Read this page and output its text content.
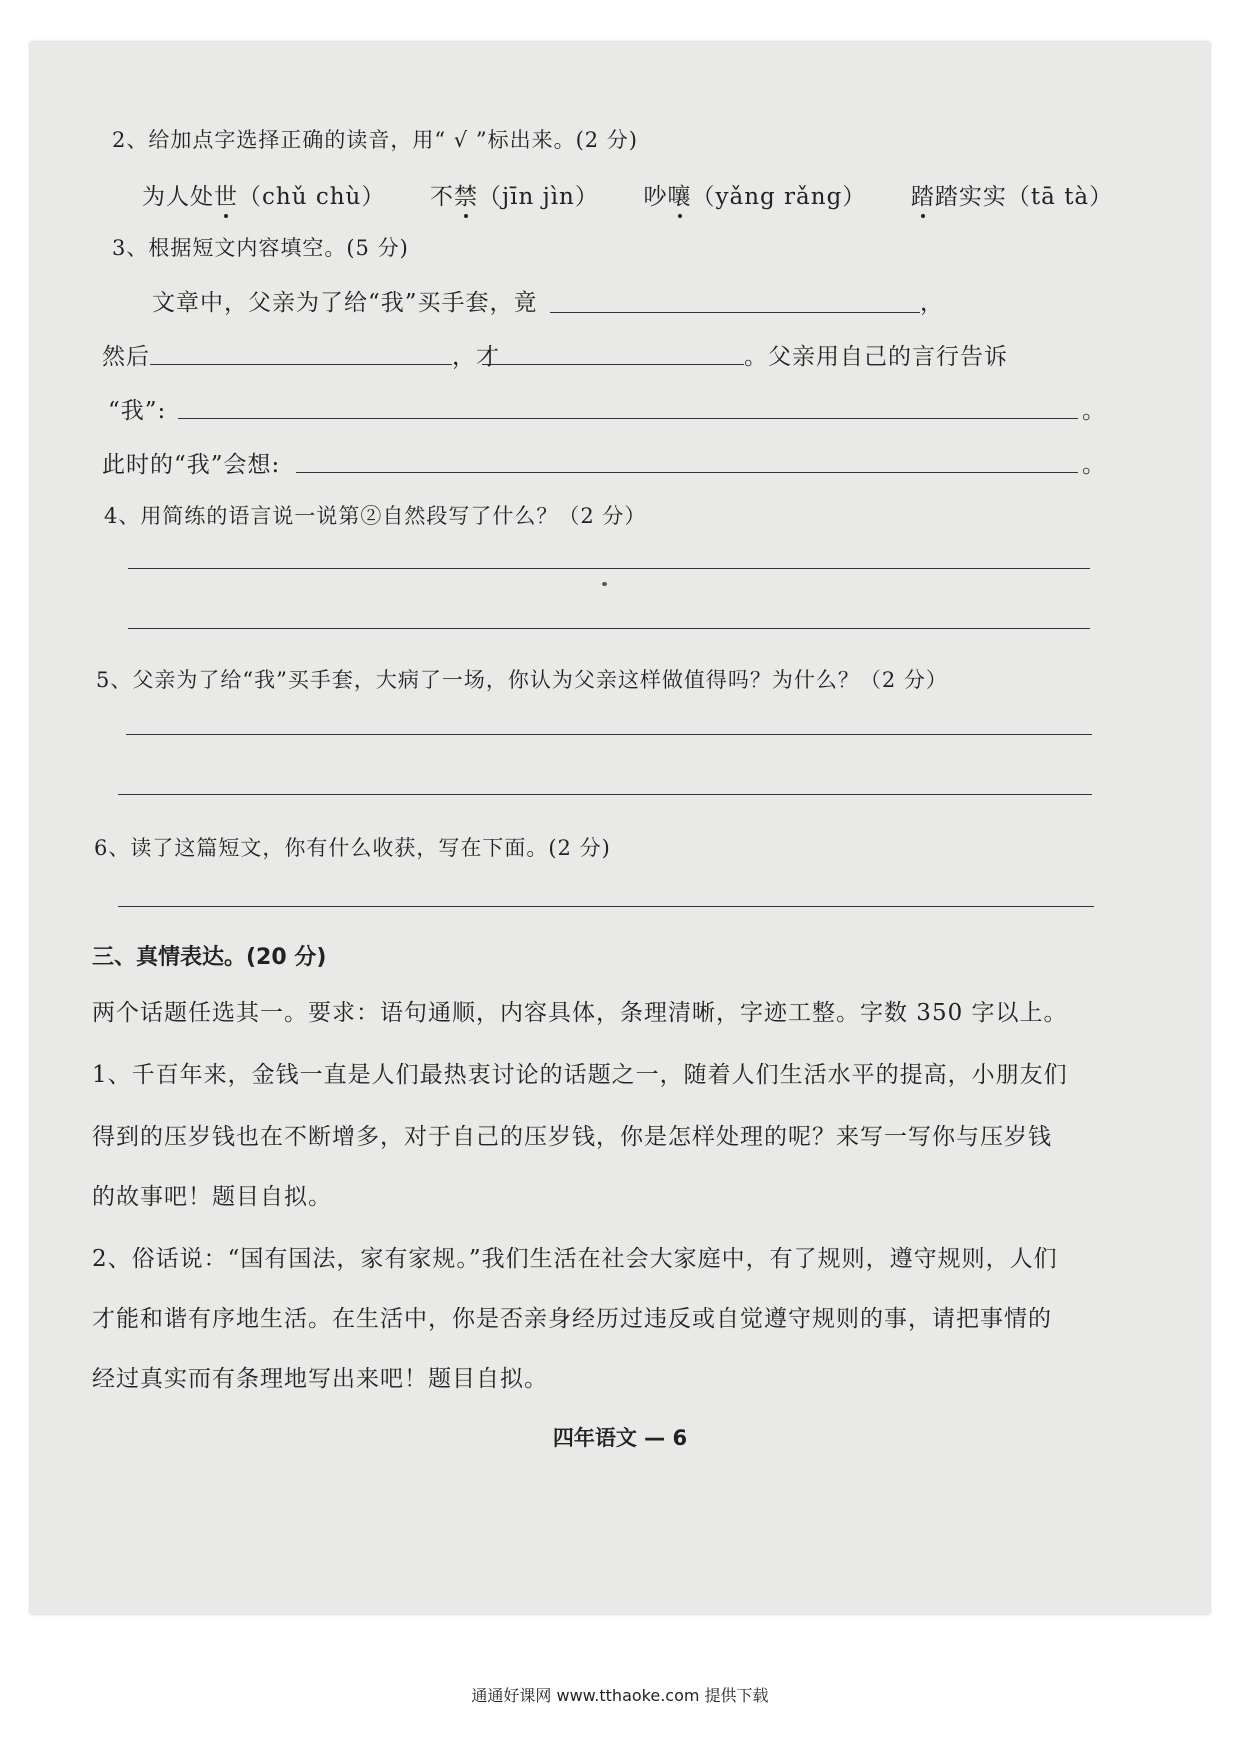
2、给加点字选择正确的读音，用“ √ ”标出来。(2 分)
为人处世（chǔ chù） 不禁（jīn jìn） 吵嚷（yǎng rǎng） 踏踏实实（tā tà）
3、根据短文内容填空。(5 分)
文章中，父亲为了给“我”买手套，竟	，
然后	，才	。父亲用自己的言行告诉
“我”:	。
此时的“我”会想:	。
4、用简练的语言说一说第②自然段写了什么？（2 分）
5、父亲为了给“我”买手套，大病了一场，你认为父亲这样做值得吗？为什么？（2 分）
6、读了这篇短文，你有什么收获，写在下面。(2 分)
三、真情表达。(20 分)
两个话题任选其一。要求：语句通顺，内容具体，条理清晰，字迹工整。字数 350 字以上。
1、千百年来，金钱一直是人们最热衷讨论的话题之一，随着人们生活水平的提高，小朋友们
得到的压岁钱也在不断增多，对于自己的压岁钱，你是怎样处理的呢？来写一写你与压岁钱
的故事吧！题目自拟。
2、俗话说：“国有国法，家有家规。”我们生活在社会大家庭中，有了规则，遵守规则，人们
才能和谐有序地生活。在生活中，你是否亲身经历过违反或自觉遵守规则的事，请把事情的
经过真实而有条理地写出来吧！题目自拟。
四年语文 — 6
通通好课网 www.tthaoke.com 提供下载
